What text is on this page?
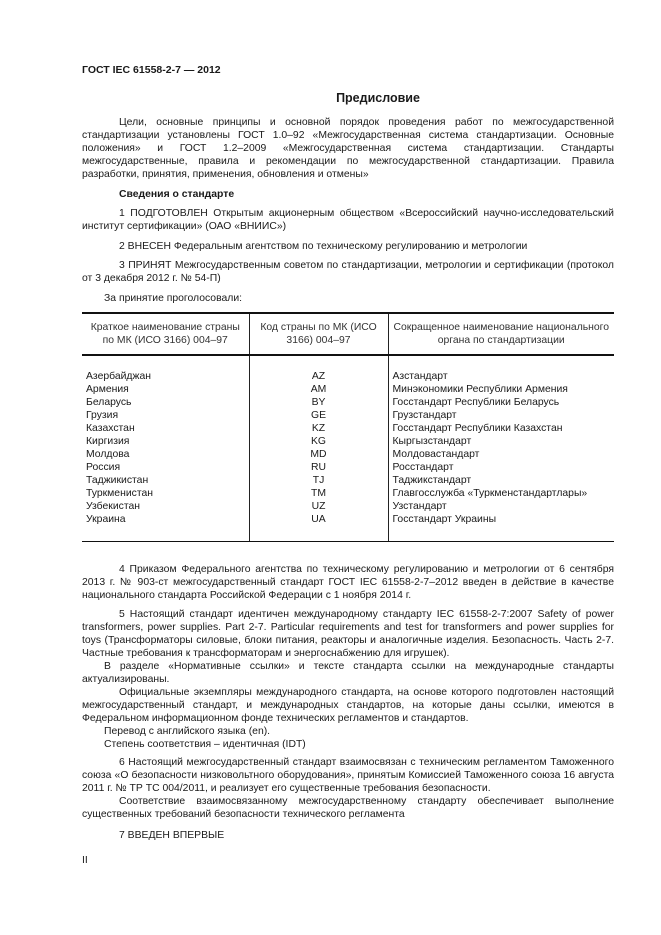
ГОСТ IEC 61558-2-7 — 2012
Предисловие
Цели, основные принципы и основной порядок проведения работ по межгосударственной стандартизации установлены ГОСТ 1.0–92 «Межгосударственная система стандартизации. Основные положения» и ГОСТ 1.2–2009 «Межгосударственная система стандартизации. Стандарты межгосударственные, правила и рекомендации по межгосударственной стандартизации. Правила разработки, принятия, применения, обновления и отмены»
Сведения о стандарте
1 ПОДГОТОВЛЕН Открытым акционерным обществом «Всероссийский научно-исследовательский институт сертификации» (ОАО «ВНИИС»)
2 ВНЕСЕН Федеральным агентством по техническому регулированию и метрологии
3 ПРИНЯТ Межгосударственным советом по стандартизации, метрологии и сертификации (протокол от 3 декабря 2012 г. № 54-П)
За принятие проголосовали:
Краткое наименование страны по МК (ИСО 3166) 004–97	Код страны по МК (ИСО 3166) 004–97	Сокращенное наименование национального органа по стандартизации
Азербайджан	AZ	Азстандарт
Армения	AM	Минэкономики Республики Армения
Беларусь	BY	Госстандарт Республики Беларусь
Грузия	GE	Грузстандарт
Казахстан	KZ	Госстандарт Республики Казахстан
Киргизия	KG	Кыргызстандарт
Молдова	MD	Молдовастандарт
Россия	RU	Росстандарт
Таджикистан	TJ	Таджикстандарт
Туркменистан	TM	Главгосслужба «Туркменстандартлары»
Узбекистан	UZ	Узстандарт
Украина	UA	Госстандарт Украины
4 Приказом Федерального агентства по техническому регулированию и метрологии от 6 сентября 2013 г. № 903-ст межгосударственный стандарт ГОСТ IEC 61558-2-7–2012 введен в действие в качестве национального стандарта Российской Федерации с 1 ноября 2014 г.
5 Настоящий стандарт идентичен международному стандарту IEC 61558-2-7:2007 Safety of power transformers, power supplies. Part 2-7. Particular requirements and test for transformers and power supplies for toys (Трансформаторы силовые, блоки питания, реакторы и аналогичные изделия. Безопасность. Часть 2-7. Частные требования к трансформаторам и энергоснабжению для игрушек).
В разделе «Нормативные ссылки» и тексте стандарта ссылки на международные стандарты актуализированы.
Официальные экземпляры международного стандарта, на основе которого подготовлен настоящий межгосударственный стандарт, и международных стандартов, на которые даны ссылки, имеются в Федеральном информационном фонде технических регламентов и стандартов.
Перевод с английского языка (en).
Степень соответствия – идентичная (IDT)
6 Настоящий межгосударственный стандарт взаимосвязан с техническим регламентом Таможенного союза «О безопасности низковольтного оборудования», принятым Комиссией Таможенного союза 16 августа 2011 г. № ТР ТС 004/2011, и реализует его существенные требования безопасности.
Соответствие взаимосвязанному межгосударственному стандарту обеспечивает выполнение существенных требований безопасности технического регламента
7 ВВЕДЕН ВПЕРВЫЕ
II
